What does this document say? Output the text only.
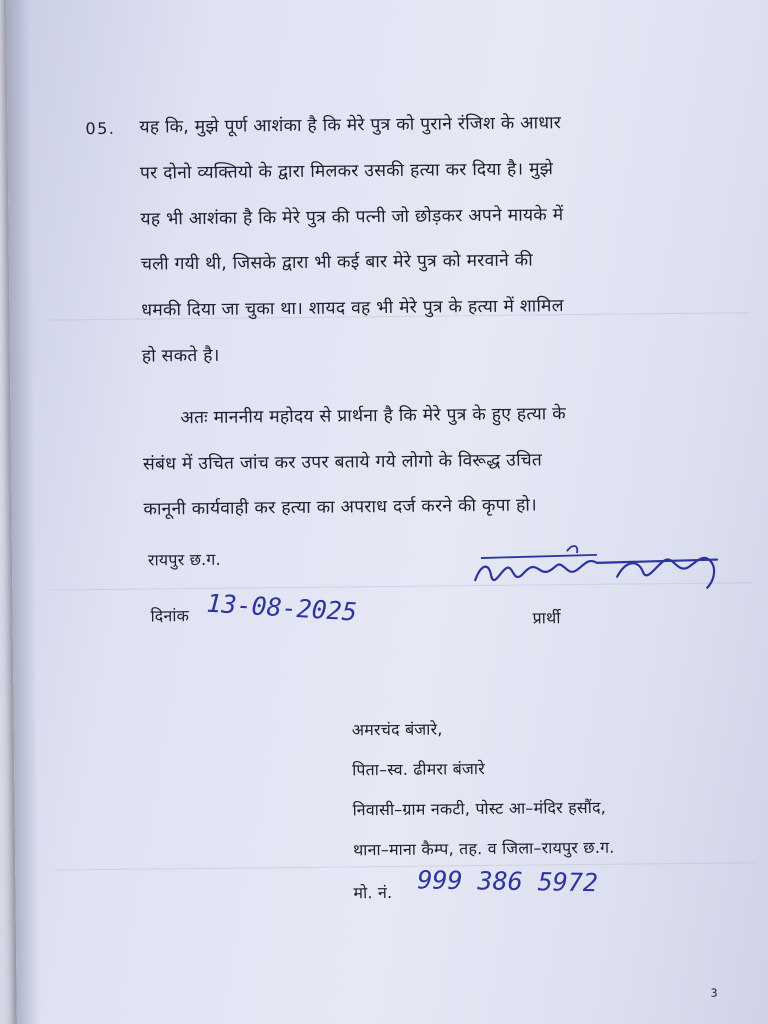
05. यह कि, मुझे पूर्ण आशंका है कि मेरे पुत्र को पुराने रंजिश के आधार
पर दोनो व्यक्तियो के द्वारा मिलकर उसकी हत्या कर दिया है। मुझे
यह भी आशंका है कि मेरे पुत्र की पत्नी जो छोड़कर अपने मायके में
चली गयी थी, जिसके द्वारा भी कई बार मेरे पुत्र को मरवाने की
धमकी दिया जा चुका था। शायद वह भी मेरे पुत्र के हत्या में शामिल
हो सकते है।
अतः माननीय महोदय से प्रार्थना है कि मेरे पुत्र के हुए हत्या के
संबंध में उचित जांच कर उपर बताये गये लोगो के विरूद्ध उचित
कानूनी कार्यवाही कर हत्या का अपराध दर्ज करने की कृपा हो।
रायपुर छ.ग.
दिनांक 13-08-2025	प्रार्थी
अमरचंद बंजारे,
पिता–स्व. ढीमरा बंजारे
निवासी–ग्राम नकटी, पोस्ट आ–मंदिर हसौंद,
थाना–माना कैम्प, तह. व जिला–रायपुर छ.ग.
मो. नं. 999 386 5972
3
